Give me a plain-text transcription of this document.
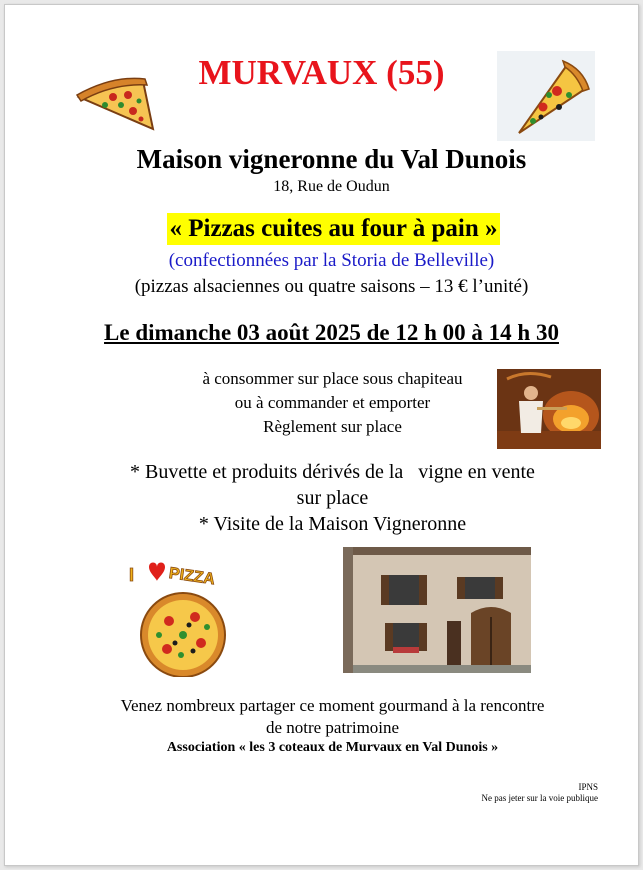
MURVAUX (55)
Maison vigneronne du Val Dunois
18, Rue de Oudun
« Pizzas cuites au four à pain »
(confectionnées par la Storia de Belleville)
(pizzas alsaciennes ou quatre saisons – 13 € l’unité)
Le dimanche 03 août 2025 de 12 h 00 à 14 h 30
à consommer sur place sous chapiteau
ou à commander et emporter
Règlement sur place
* Buvette et produits dérivés de la   vigne en vente
sur place
* Visite de la Maison Vigneronne
I PIZZA
Venez nombreux partager ce moment gourmand à la rencontre
de notre patrimoine
Association « les 3 coteaux de Murvaux en Val Dunois »
IPNS
Ne pas jeter sur la voie publique
